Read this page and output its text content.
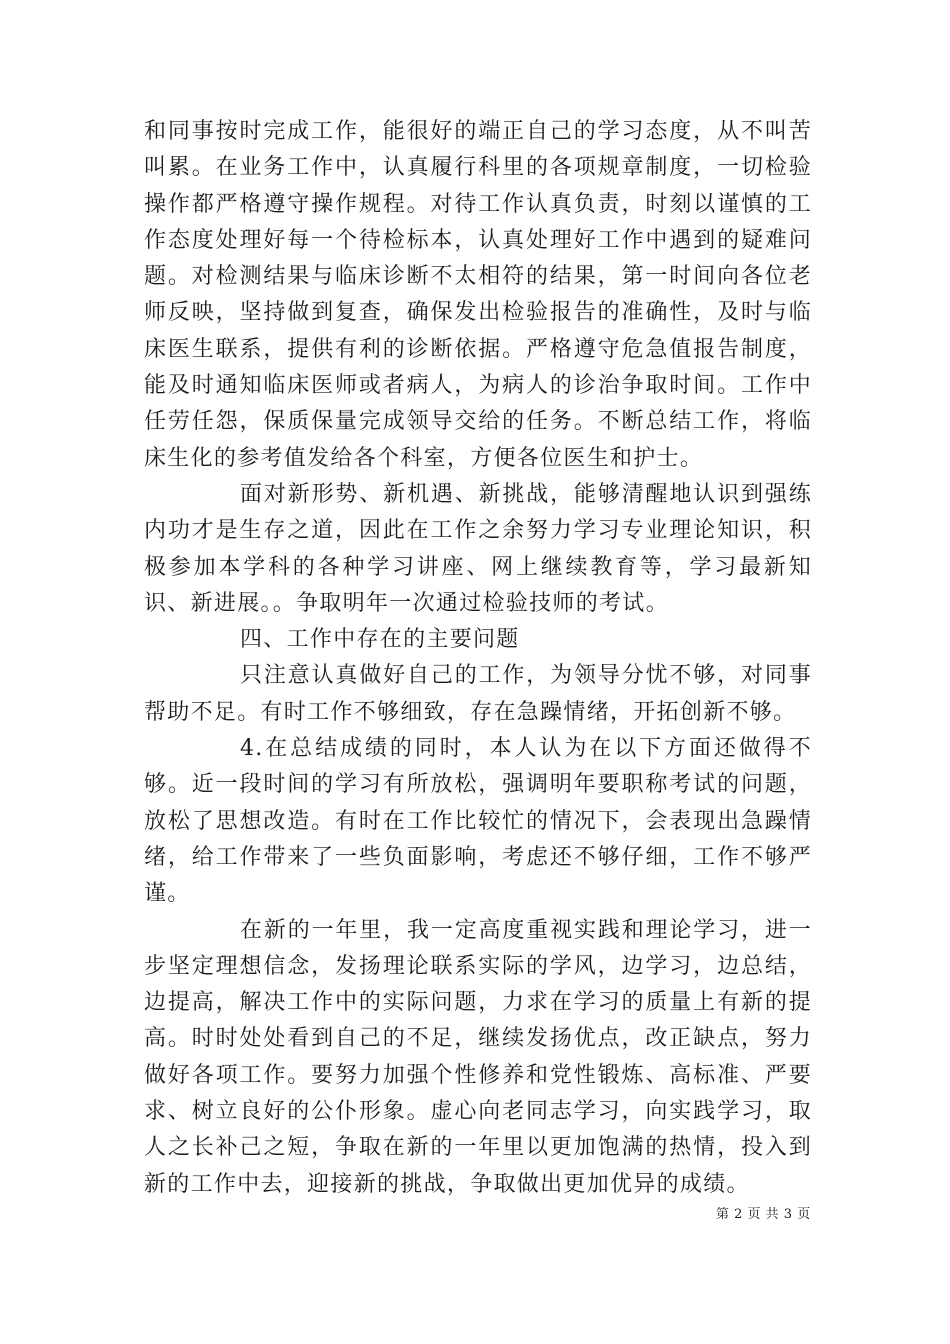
和同事按时完成工作，能很好的端正自己的学习态度，从不叫苦叫累。在业务工作中，认真履行科里的各项规章制度，一切检验操作都严格遵守操作规程。对待工作认真负责，时刻以谨慎的工作态度处理好每一个待检标本，认真处理好工作中遇到的疑难问题。对检测结果与临床诊断不太相符的结果，第一时间向各位老师反映，坚持做到复查，确保发出检验报告的准确性，及时与临床医生联系，提供有利的诊断依据。严格遵守危急值报告制度，能及时通知临床医师或者病人，为病人的诊治争取时间。工作中任劳任怨，保质保量完成领导交给的任务。不断总结工作，将临床生化的参考值发给各个科室，方便各位医生和护士。

面对新形势、新机遇、新挑战，能够清醒地认识到强练内功才是生存之道，因此在工作之余努力学习专业理论知识，积极参加本学科的各种学习讲座、网上继续教育等，学习最新知识、新进展。。争取明年一次通过检验技师的考试。

四、工作中存在的主要问题

只注意认真做好自己的工作，为领导分忧不够，对同事帮助不足。有时工作不够细致，存在急躁情绪，开拓创新不够。

4.在总结成绩的同时，本人认为在以下方面还做得不够。近一段时间的学习有所放松，强调明年要职称考试的问题，放松了思想改造。有时在工作比较忙的情况下，会表现出急躁情绪，给工作带来了一些负面影响，考虑还不够仔细，工作不够严谨。

在新的一年里，我一定高度重视实践和理论学习，进一步坚定理想信念，发扬理论联系实际的学风，边学习，边总结，边提高，解决工作中的实际问题，力求在学习的质量上有新的提高。时时处处看到自己的不足，继续发扬优点，改正缺点，努力做好各项工作。要努力加强个性修养和党性锻炼、高标准、严要求、树立良好的公仆形象。虚心向老同志学习，向实践学习，取人之长补己之短，争取在新的一年里以更加饱满的热情，投入到新的工作中去，迎接新的挑战，争取做出更加优异的成绩。

第 2 页 共 3 页
